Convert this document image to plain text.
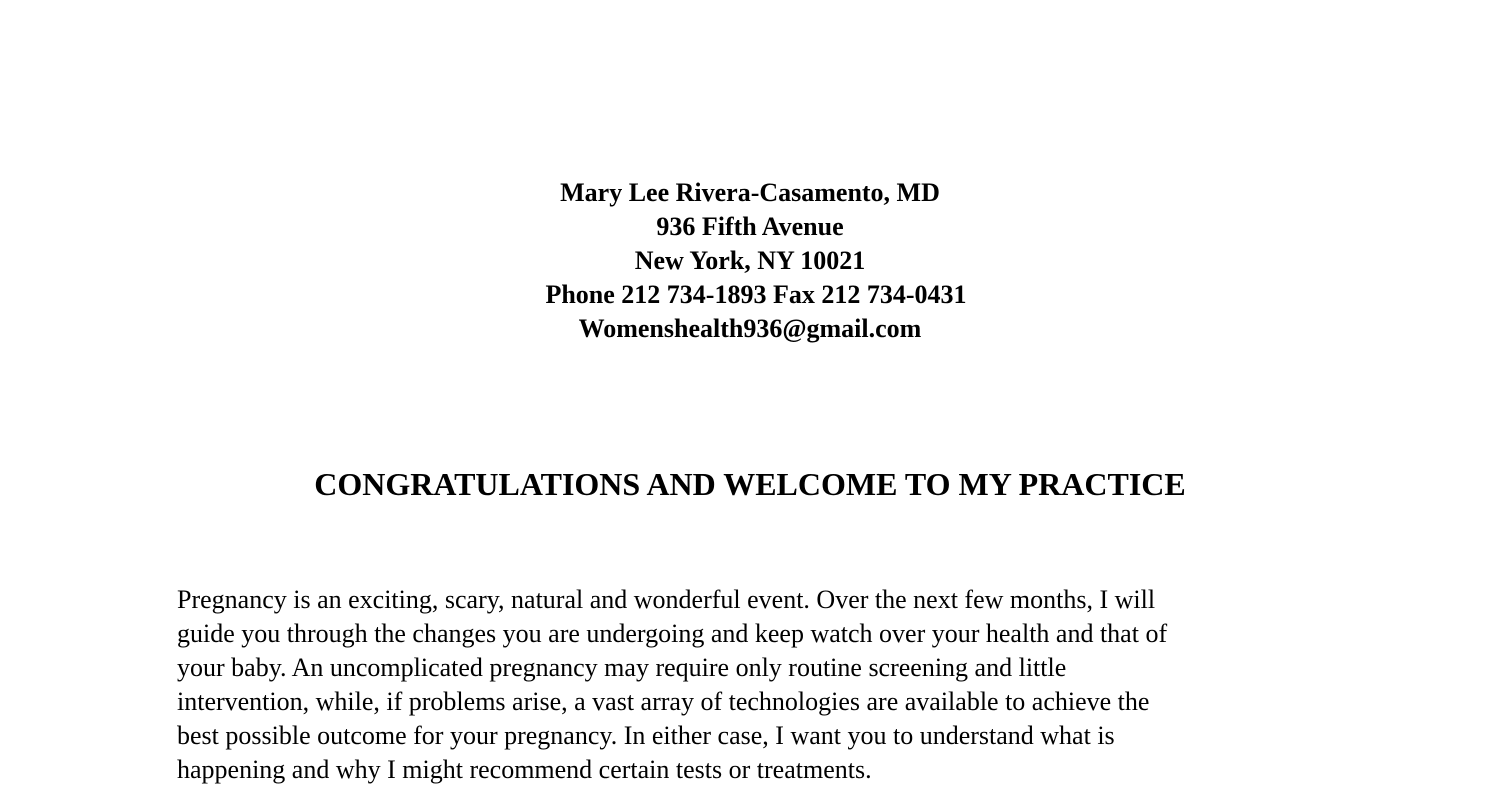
Mary Lee Rivera-Casamento, MD
936 Fifth Avenue
New York, NY 10021
Phone 212 734-1893 Fax 212 734-0431
Womenshealth936@gmail.com
CONGRATULATIONS AND WELCOME TO MY PRACTICE

Pregnancy is an exciting, scary, natural and wonderful event. Over the next few months, I will
guide you through the changes you are undergoing and keep watch over your health and that of
your baby. An uncomplicated pregnancy may require only routine screening and little
intervention, while, if problems arise, a vast array of technologies are available to achieve the
best possible outcome for your pregnancy. In either case, I want you to understand what is
happening and why I might recommend certain tests or treatments.
